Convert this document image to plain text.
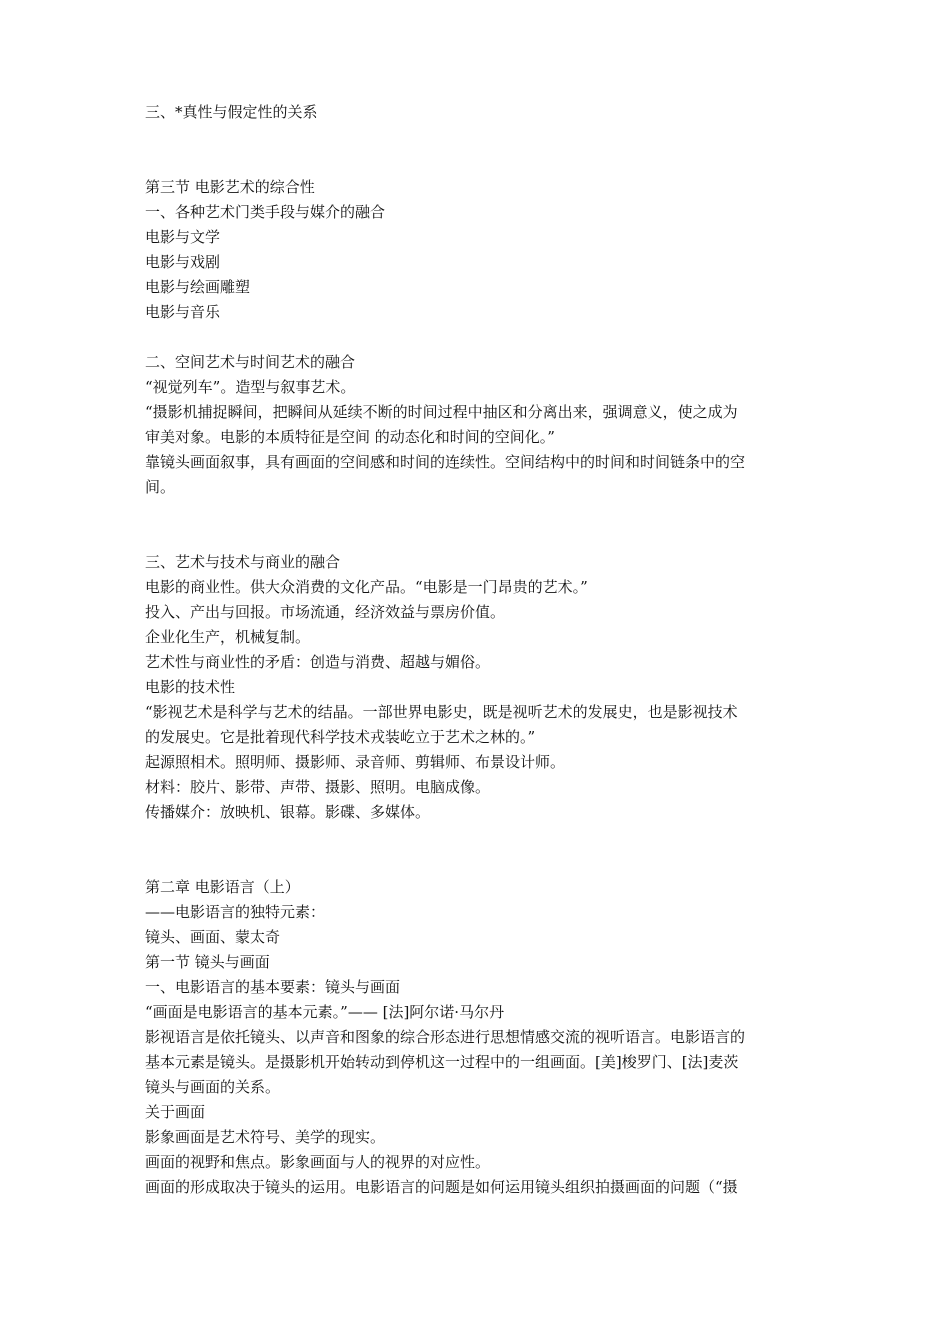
三、*真性与假定性的关系

第三节 电影艺术的综合性

一、各种艺术门类手段与媒介的融合

电影与文学

电影与戏剧

电影与绘画雕塑

电影与音乐

二、空间艺术与时间艺术的融合

“视觉列车”。造型与叙事艺术。

“摄影机捕捉瞬间，把瞬间从延续不断的时间过程中抽区和分离出来，强调意义，使之成为

审美对象。电影的本质特征是空间 的动态化和时间的空间化。”

靠镜头画面叙事，具有画面的空间感和时间的连续性。空间结构中的时间和时间链条中的空

间。

三、艺术与技术与商业的融合

电影的商业性。供大众消费的文化产品。“电影是一门昂贵的艺术。”

投入、产出与回报。市场流通，经济效益与票房价值。

企业化生产，机械复制。

艺术性与商业性的矛盾：创造与消费、超越与媚俗。

电影的技术性

“影视艺术是科学与艺术的结晶。一部世界电影史，既是视听艺术的发展史，也是影视技术

的发展史。它是批着现代科学技术戎装屹立于艺术之林的。”

起源照相术。照明师、摄影师、录音师、剪辑师、布景设计师。

材料：胶片、影带、声带、摄影、照明。电脑成像。

传播媒介：放映机、银幕。影碟、多媒体。

第二章 电影语言（上）

——电影语言的独特元素：

镜头、画面、蒙太奇

第一节 镜头与画面

一、电影语言的基本要素：镜头与画面

“画面是电影语言的基本元素。”—— [法]阿尔诺·马尔丹

影视语言是依托镜头、以声音和图象的综合形态进行思想情感交流的视听语言。电影语言的

基本元素是镜头。是摄影机开始转动到停机这一过程中的一组画面。[美]梭罗门、[法]麦茨

镜头与画面的关系。

关于画面

影象画面是艺术符号、美学的现实。

画面的视野和焦点。影象画面与人的视界的对应性。

画面的形成取决于镜头的运用。电影语言的问题是如何运用镜头组织拍摄画面的问题（“摄
